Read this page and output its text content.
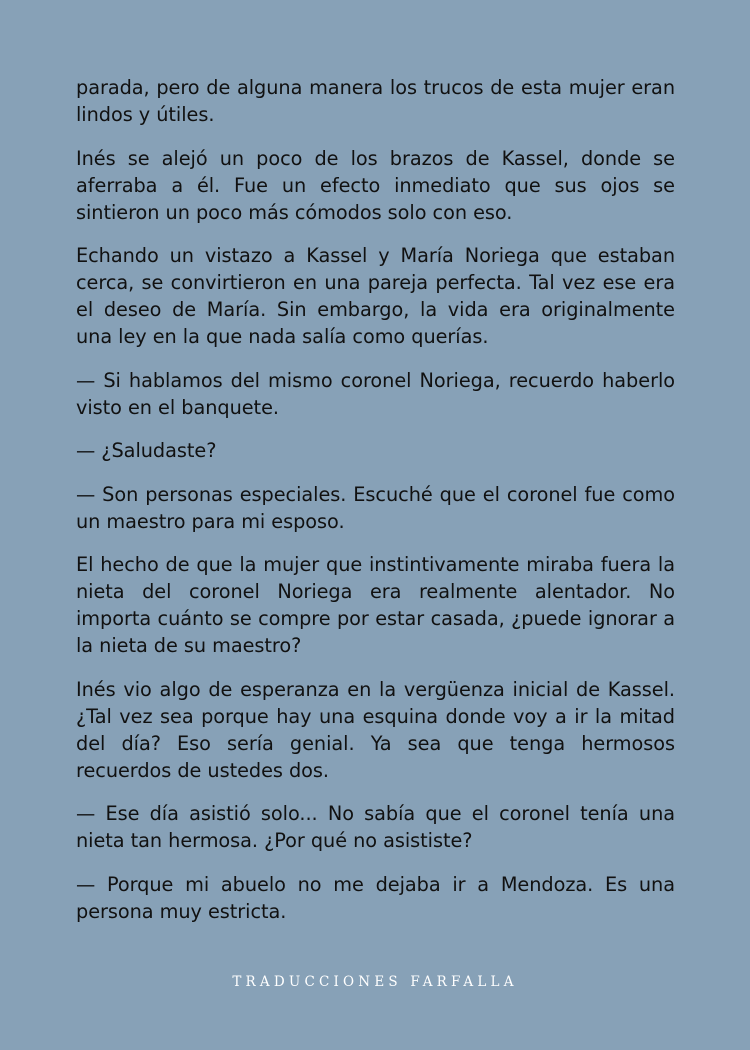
parada, pero de alguna manera los trucos de esta mujer eran lindos y útiles.

Inés se alejó un poco de los brazos de Kassel, donde se aferraba a él. Fue un efecto inmediato que sus ojos se sintieron un poco más cómodos solo con eso.

Echando un vistazo a Kassel y María Noriega que estaban cerca, se convirtieron en una pareja perfecta. Tal vez ese era el deseo de María. Sin embargo, la vida era originalmente una ley en la que nada salía como querías.

— Si hablamos del mismo coronel Noriega, recuerdo haberlo visto en el banquete.

— ¿Saludaste?

— Son personas especiales. Escuché que el coronel fue como un maestro para mi esposo.

El hecho de que la mujer que instintivamente miraba fuera la nieta del coronel Noriega era realmente alentador. No importa cuánto se compre por estar casada, ¿puede ignorar a la nieta de su maestro?

Inés vio algo de esperanza en la vergüenza inicial de Kassel. ¿Tal vez sea porque hay una esquina donde voy a ir la mitad del día? Eso sería genial. Ya sea que tenga hermosos recuerdos de ustedes dos.

— Ese día asistió solo... No sabía que el coronel tenía una nieta tan hermosa. ¿Por qué no asististe?

— Porque mi abuelo no me dejaba ir a Mendoza. Es una persona muy estricta.

TRADUCCIONES FARFALLA
